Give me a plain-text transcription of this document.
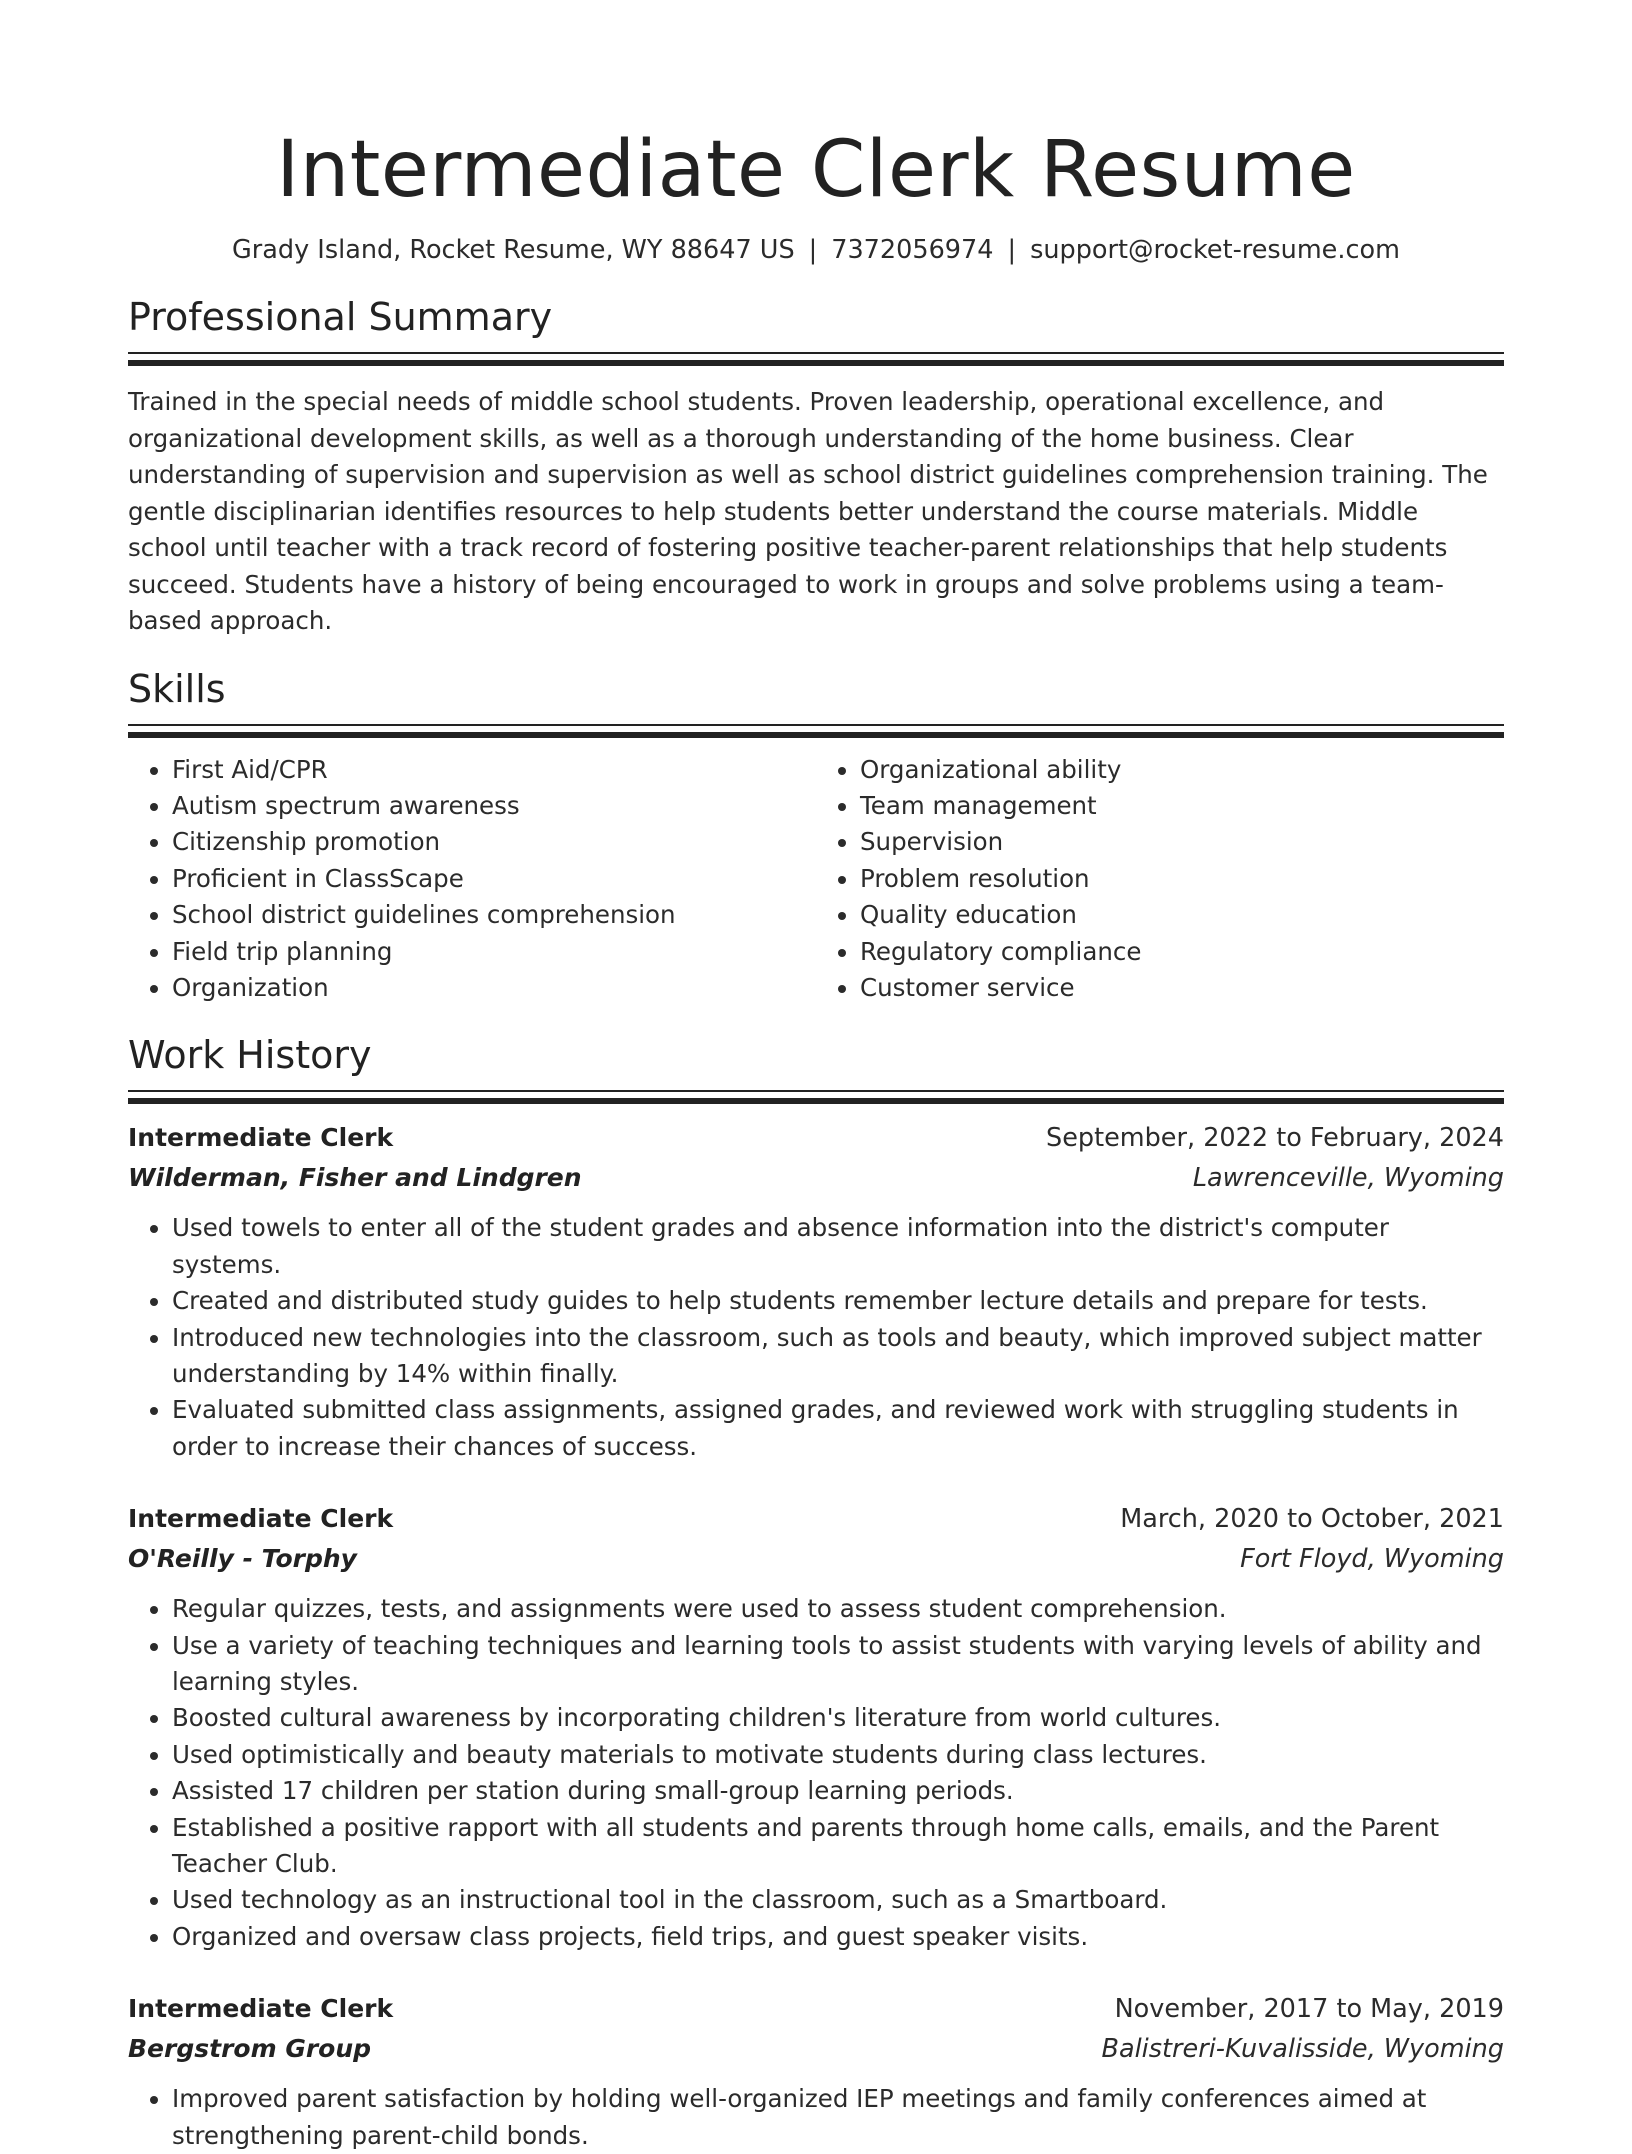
Intermediate Clerk Resume
Grady Island, Rocket Resume, WY 88647 US | 7372056974 | support@rocket-resume.com
Professional Summary

Trained in the special needs of middle school students. Proven leadership, operational excellence, and organizational development skills, as well as a thorough understanding of the home business. Clear understanding of supervision and supervision as well as school district guidelines comprehension training. The gentle disciplinarian identifies resources to help students better understand the course materials. Middle school until teacher with a track record of fostering positive teacher-parent relationships that help students succeed. Students have a history of being encouraged to work in groups and solve problems using a team-based approach.

Skills
• First Aid/CPR
• Autism spectrum awareness
• Citizenship promotion
• Proficient in ClassScape
• School district guidelines comprehension
• Field trip planning
• Organization
• Organizational ability
• Team management
• Supervision
• Problem resolution
• Quality education
• Regulatory compliance
• Customer service
Work History
Intermediate Clerk	September, 2022 to February, 2024
Wilderman, Fisher and Lindgren	Lawrenceville, Wyoming
• Used towels to enter all of the student grades and absence information into the district's computer systems.
• Created and distributed study guides to help students remember lecture details and prepare for tests.
• Introduced new technologies into the classroom, such as tools and beauty, which improved subject matter understanding by 14% within finally.
• Evaluated submitted class assignments, assigned grades, and reviewed work with struggling students in order to increase their chances of success.
Intermediate Clerk	March, 2020 to October, 2021
O'Reilly - Torphy	Fort Floyd, Wyoming
• Regular quizzes, tests, and assignments were used to assess student comprehension.
• Use a variety of teaching techniques and learning tools to assist students with varying levels of ability and learning styles.
• Boosted cultural awareness by incorporating children's literature from world cultures.
• Used optimistically and beauty materials to motivate students during class lectures.
• Assisted 17 children per station during small-group learning periods.
• Established a positive rapport with all students and parents through home calls, emails, and the Parent Teacher Club.
• Used technology as an instructional tool in the classroom, such as a Smartboard.
• Organized and oversaw class projects, field trips, and guest speaker visits.
Intermediate Clerk	November, 2017 to May, 2019
Bergstrom Group	Balistreri-Kuvalisside, Wyoming
• Improved parent satisfaction by holding well-organized IEP meetings and family conferences aimed at strengthening parent-child bonds.
